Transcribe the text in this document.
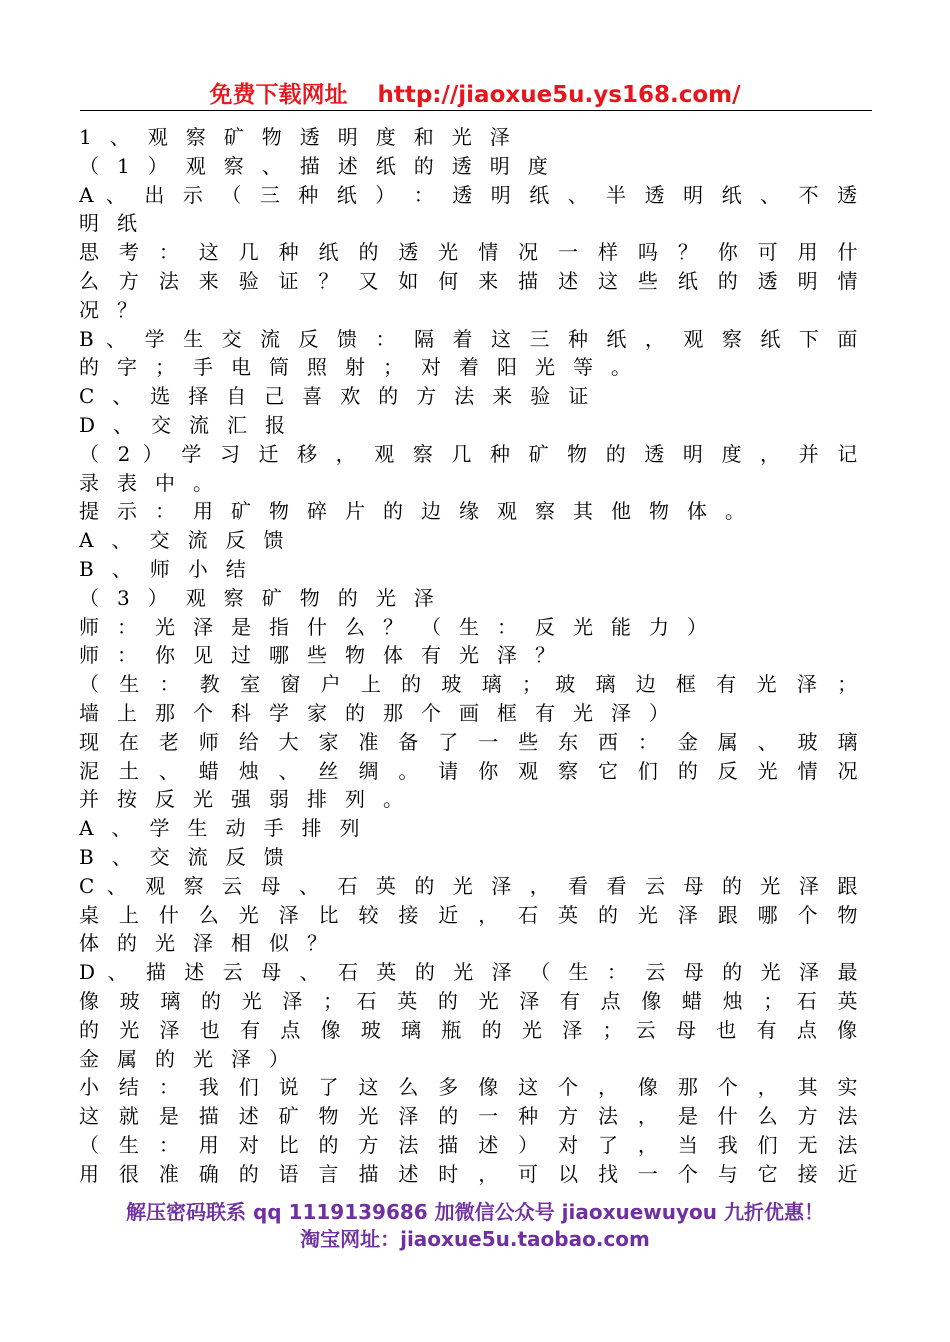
免费下载网址 http://jiaoxue5u.ys168.com/
1、观察矿物透明度和光泽
（1）观察、描述纸的透明度
A 、 出 示 （ 三 种 纸 ） ： 透 明 纸 、 半 透 明 纸 、 不 透
明纸
思 考 ： 这 几 种 纸 的 透 光 情 况 一 样 吗 ？ 你 可 用 什
么 方 法 来 验 证 ？ 又 如 何 来 描 述 这 些 纸 的 透 明 情
况？
B 、 学 生 交 流 反 馈 ： 隔 着 这 三 种 纸 ， 观 察 纸 下 面
的字；手电筒照射；对着阳光等。
C、选择自己喜欢的方法来验证
D、交流汇报
（ 2 ） 学 习 迁 移 ， 观 察 几 种 矿 物 的 透 明 度 ， 并 记
录表中。
提示：用矿物碎片的边缘观察其他物体。
A、交流反馈
B、师小结
（3）观察矿物的光泽
师：光泽是指什么？（生：反光能力）
师：你见过哪些物体有光泽？
（ 生 ： 教 室 窗 户 上 的 玻 璃 ； 玻 璃 边 框 有 光 泽 ；
墙上那个科学家的那个画框有光泽）
现 在 老 师 给 大 家 准 备 了 一 些 东 西 ： 金 属 、 玻 璃
泥 土 、 蜡 烛 、 丝 绸 。 请 你 观 察 它 们 的 反 光 情 况
并按反光强弱排列。
A、学生动手排列
B、交流反馈
C 、 观 察 云 母 、 石 英 的 光 泽 ， 看 看 云 母 的 光 泽 跟
桌 上 什 么 光 泽 比 较 接 近 ， 石 英 的 光 泽 跟 哪 个 物
体的光泽相似？
D 、 描 述 云 母 、 石 英 的 光 泽 （ 生 ： 云 母 的 光 泽 最
像 玻 璃 的 光 泽 ； 石 英 的 光 泽 有 点 像 蜡 烛 ； 石 英
的 光 泽 也 有 点 像 玻 璃 瓶 的 光 泽 ； 云 母 也 有 点 像
金属的光泽）
小 结 ： 我 们 说 了 这 么 多 像 这 个 ， 像 那 个 ， 其 实
这 就 是 描 述 矿 物 光 泽 的 一 种 方 法 ， 是 什 么 方 法
（ 生 ： 用 对 比 的 方 法 描 述 ） 对 了 ， 当 我 们 无 法
用 很 准 确 的 语 言 描 述 时 ， 可 以 找 一 个 与 它 接 近
解压密码联系 qq 1119139686 加微信公众号 jiaoxuewuyou 九折优惠！
淘宝网址：jiaoxue5u.taobao.com
